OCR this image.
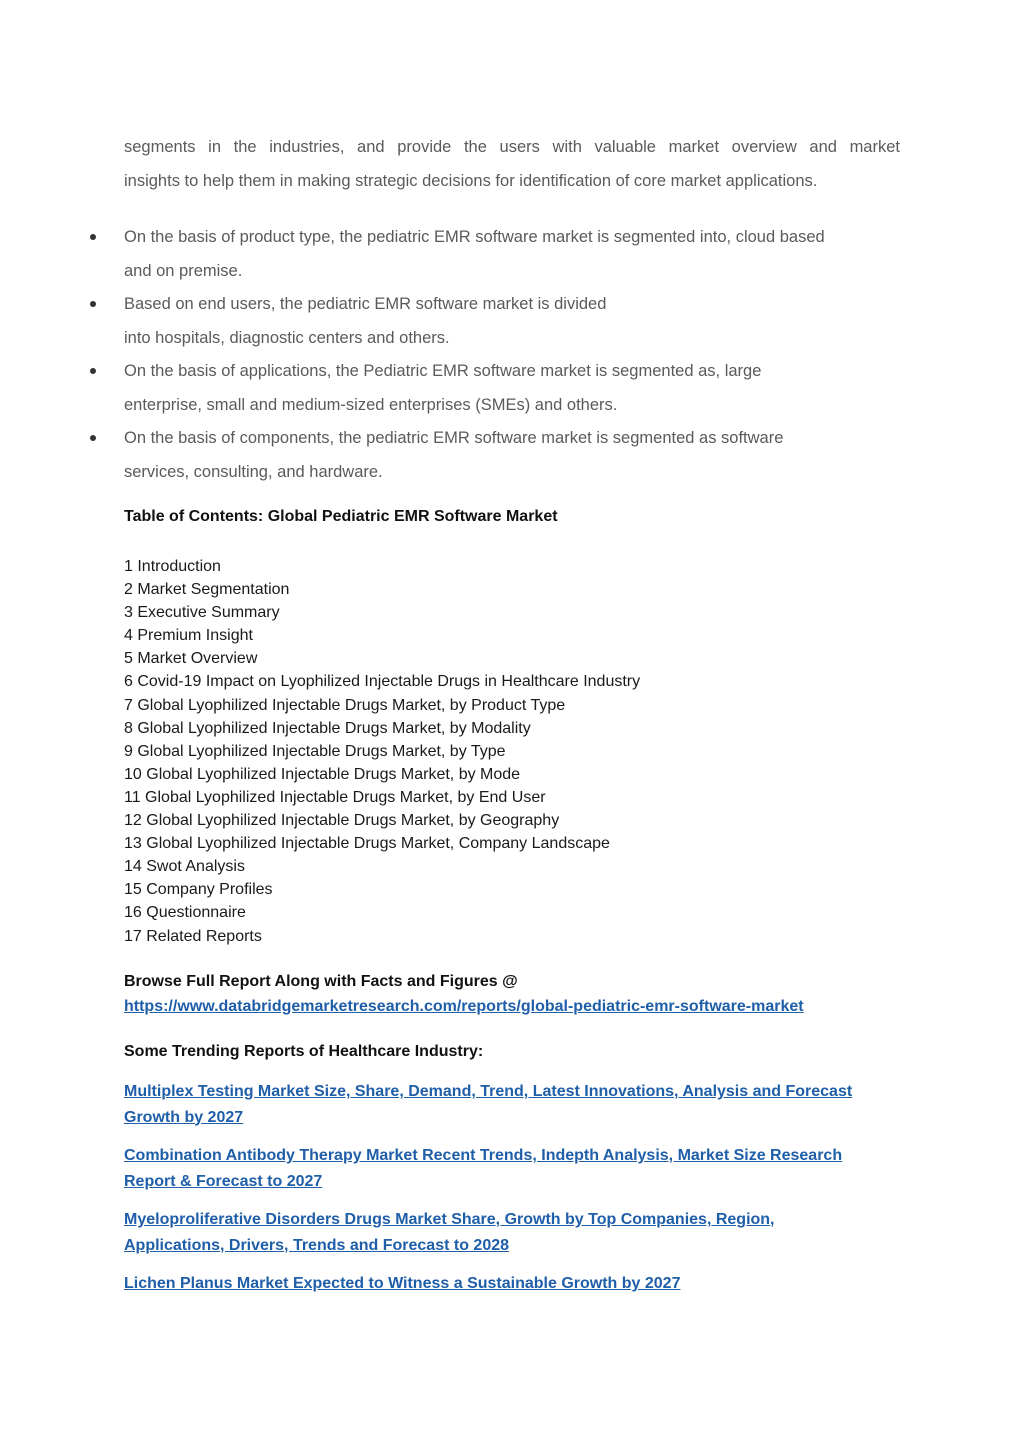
segments in the industries, and provide the users with valuable market overview and market
insights to help them in making strategic decisions for identification of core market applications.

On the basis of product type, the pediatric EMR software market is segmented into, cloud based
and on premise.
Based on end users, the pediatric EMR software market is divided
into hospitals, diagnostic centers and others.
On the basis of applications, the Pediatric EMR software market is segmented as, large
enterprise, small and medium-sized enterprises (SMEs) and others.
On the basis of components, the pediatric EMR software market is segmented as software
services, consulting, and hardware.
Table of Contents: Global Pediatric EMR Software Market
1 Introduction
2 Market Segmentation
3 Executive Summary
4 Premium Insight
5 Market Overview
6 Covid-19 Impact on Lyophilized Injectable Drugs in Healthcare Industry
7 Global Lyophilized Injectable Drugs Market, by Product Type
8 Global Lyophilized Injectable Drugs Market, by Modality
9 Global Lyophilized Injectable Drugs Market, by Type
10 Global Lyophilized Injectable Drugs Market, by Mode
11 Global Lyophilized Injectable Drugs Market, by End User
12 Global Lyophilized Injectable Drugs Market, by Geography
13 Global Lyophilized Injectable Drugs Market, Company Landscape
14 Swot Analysis
15 Company Profiles
16 Questionnaire
17 Related Reports
Browse Full Report Along with Facts and Figures @
https://www.databridgemarketresearch.com/reports/global-pediatric-emr-software-market
Some Trending Reports of Healthcare Industry:
Multiplex Testing Market Size, Share, Demand, Trend, Latest Innovations, Analysis and Forecast
Growth by 2027
Combination Antibody Therapy Market Recent Trends, Indepth Analysis, Market Size Research
Report & Forecast to 2027
Myeloproliferative Disorders Drugs Market Share, Growth by Top Companies, Region,
Applications, Drivers, Trends and Forecast to 2028
Lichen Planus Market Expected to Witness a Sustainable Growth by 2027
